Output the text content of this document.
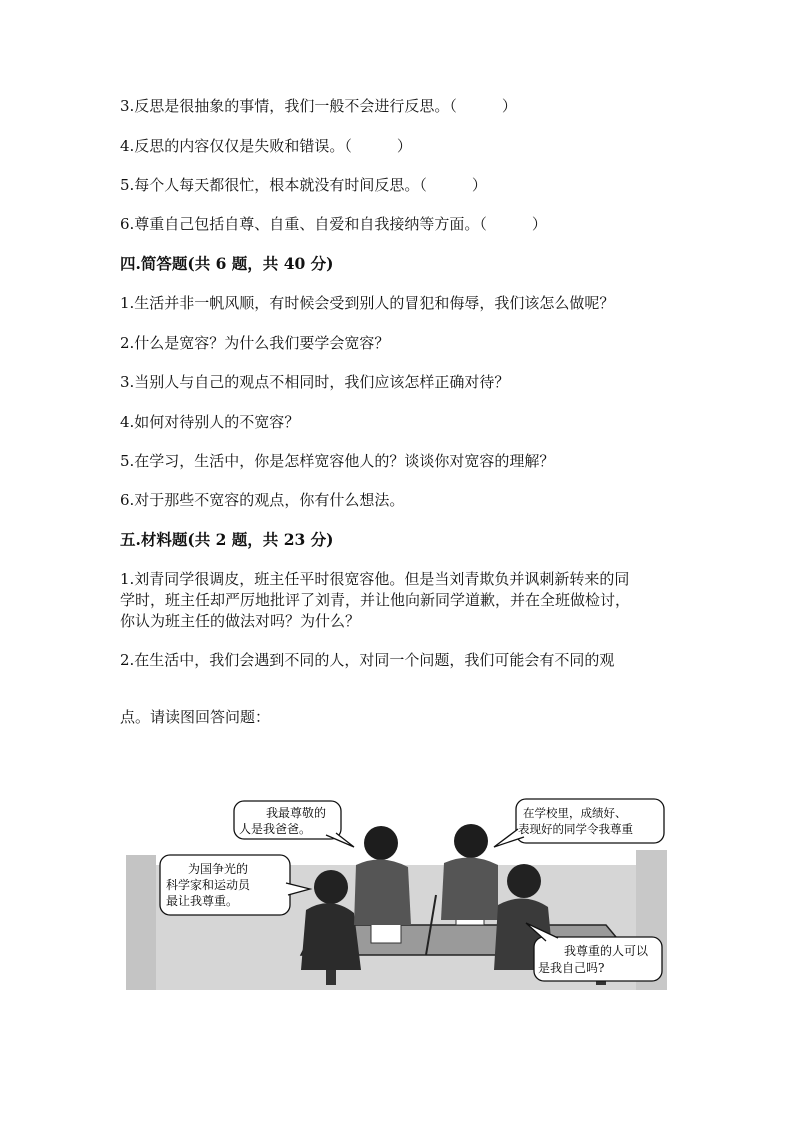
3.反思是很抽象的事情，我们一般不会进行反思。（　　　）
4.反思的内容仅仅是失败和错误。（　　　）
5.每个人每天都很忙，根本就没有时间反思。（　　　）
6.尊重自己包括自尊、自重、自爱和自我接纳等方面。（　　　）
四.简答题(共 6 题，共 40 分)
1.生活并非一帆风顺，有时候会受到别人的冒犯和侮辱，我们该怎么做呢？
2.什么是宽容？为什么我们要学会宽容？
3.当别人与自己的观点不相同时，我们应该怎样正确对待？
4.如何对待别人的不宽容？
5.在学习，生活中，你是怎样宽容他人的？谈谈你对宽容的理解？
6.对于那些不宽容的观点，你有什么想法。
五.材料题(共 2 题，共 23 分)
1.刘青同学很调皮，班主任平时很宽容他。但是当刘青欺负并讽刺新转来的同
学时，班主任却严厉地批评了刘青，并让他向新同学道歉，并在全班做检讨，
你认为班主任的做法对吗？为什么？
2.在生活中，我们会遇到不同的人，对同一个问题，我们可能会有不同的观
点。请读图回答问题：
我最尊敬的
人是我爸爸。
在学校里，成绩好、
表现好的同学令我尊重
为国争光的
科学家和运动员
最让我尊重。
我尊重的人可以
是我自己吗?
